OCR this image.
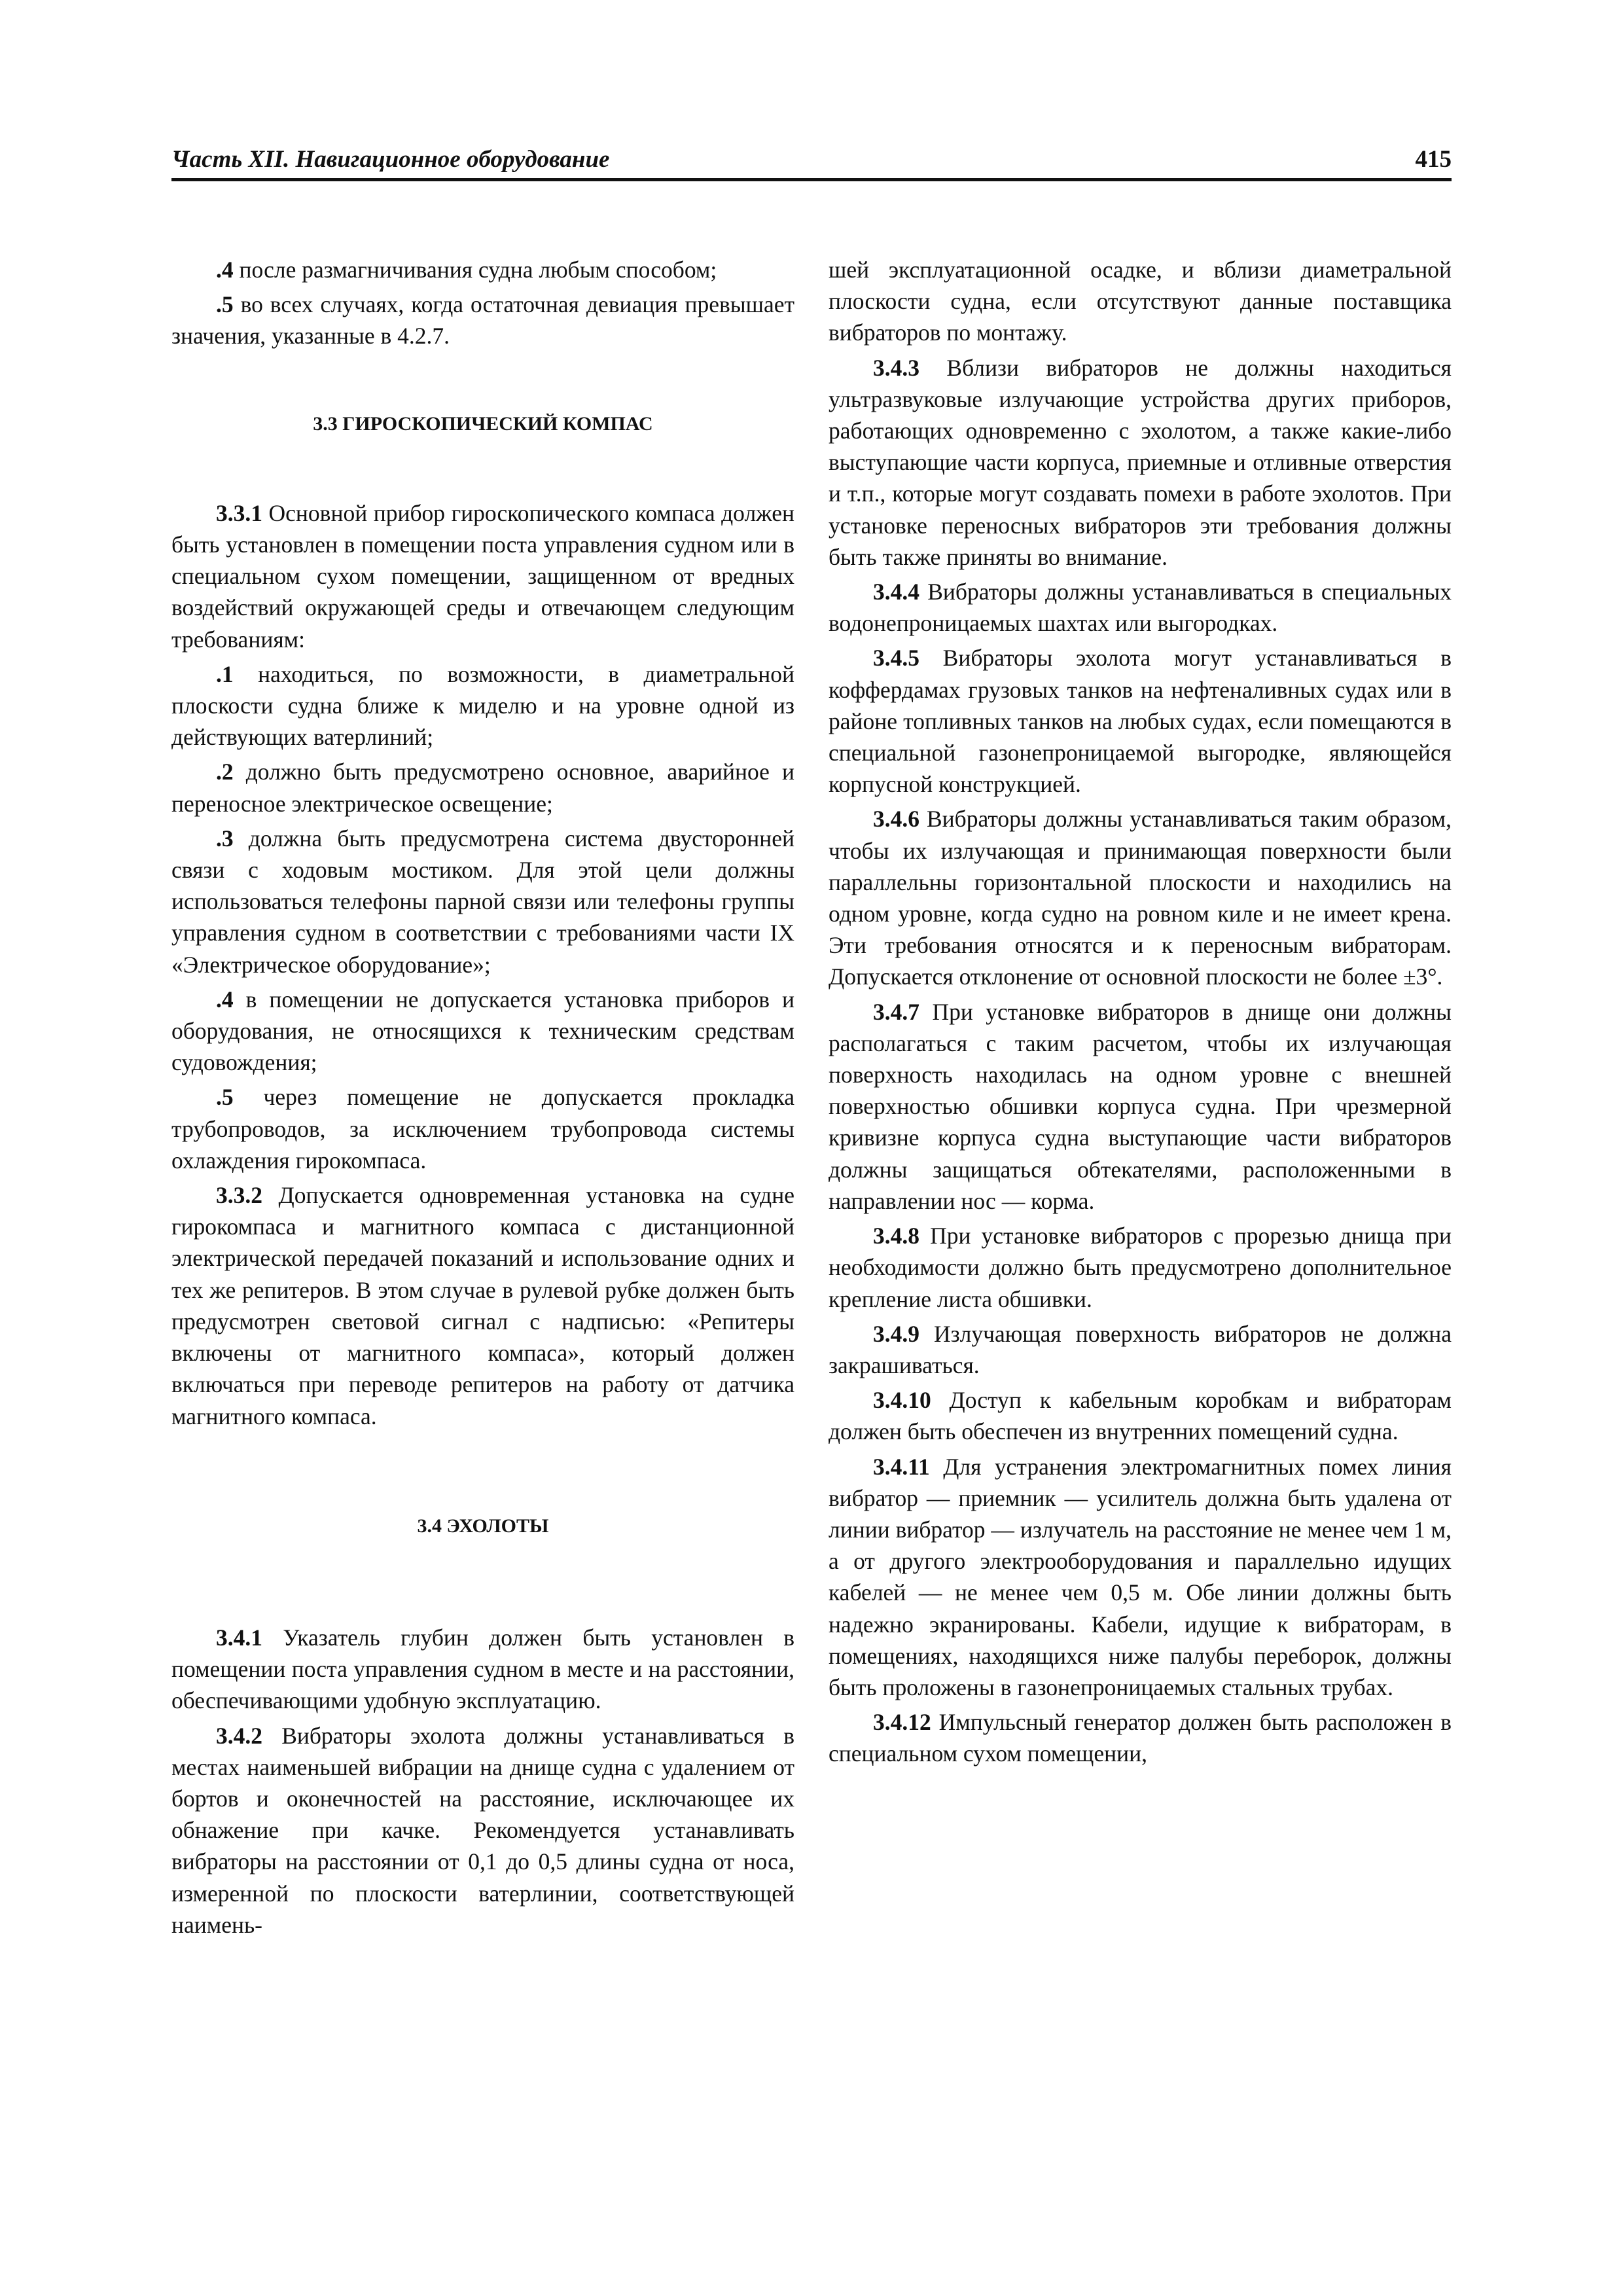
Часть XII. Навигационное оборудование	415

.4 после размагничивания судна любым способом;

.5 во всех случаях, когда остаточная девиация превышает значения, указанные в 4.2.7.

3.3 ГИРОСКОПИЧЕСКИЙ КОМПАС

3.3.1 Основной прибор гироскопического компаса должен быть установлен в помещении поста управления судном или в специальном сухом помещении, защищенном от вредных воздействий окружающей среды и отвечающем следующим требованиям:

.1 находиться, по возможности, в диаметральной плоскости судна ближе к миделю и на уровне одной из действующих ватерлиний;

.2 должно быть предусмотрено основное, аварийное и переносное электрическое освещение;

.3 должна быть предусмотрена система двусторонней связи с ходовым мостиком. Для этой цели должны использоваться телефоны парной связи или телефоны группы управления судном в соответствии с требованиями части IX «Электрическое оборудование»;

.4 в помещении не допускается установка приборов и оборудования, не относящихся к техническим средствам судовождения;

.5 через помещение не допускается прокладка трубопроводов, за исключением трубопровода системы охлаждения гирокомпаса.

3.3.2 Допускается одновременная установка на судне гирокомпаса и магнитного компаса с дистанционной электрической передачей показаний и использование одних и тех же репитеров. В этом случае в рулевой рубке должен быть предусмотрен световой сигнал с надписью: «Репитеры включены от магнитного компаса», который должен включаться при переводе репитеров на работу от датчика магнитного компаса.

3.4 ЭХОЛОТЫ

3.4.1 Указатель глубин должен быть установлен в помещении поста управления судном в месте и на расстоянии, обеспечивающими удобную эксплуатацию.

3.4.2 Вибраторы эхолота должны устанавливаться в местах наименьшей вибрации на днище судна с удалением от бортов и оконечностей на расстояние, исключающее их обнажение при качке. Рекомендуется устанавливать вибраторы на расстоянии от 0,1 до 0,5 длины судна от носа, измеренной по плоскости ватерлинии, соответствующей наимень-

шей эксплуатационной осадке, и вблизи диаметральной плоскости судна, если отсутствуют данные поставщика вибраторов по монтажу.

3.4.3 Вблизи вибраторов не должны находиться ультразвуковые излучающие устройства других приборов, работающих одновременно с эхолотом, а также какие-либо выступающие части корпуса, приемные и отливные отверстия и т.п., которые могут создавать помехи в работе эхолотов. При установке переносных вибраторов эти требования должны быть также приняты во внимание.

3.4.4 Вибраторы должны устанавливаться в специальных водонепроницаемых шахтах или выгородках.

3.4.5 Вибраторы эхолота могут устанавливаться в коффердамах грузовых танков на нефтеналивных судах или в районе топливных танков на любых судах, если помещаются в специальной газонепроницаемой выгородке, являющейся корпусной конструкцией.

3.4.6 Вибраторы должны устанавливаться таким образом, чтобы их излучающая и принимающая поверхности были параллельны горизонтальной плоскости и находились на одном уровне, когда судно на ровном киле и не имеет крена. Эти требования относятся и к переносным вибраторам. Допускается отклонение от основной плоскости не более ±3°.

3.4.7 При установке вибраторов в днище они должны располагаться с таким расчетом, чтобы их излучающая поверхность находилась на одном уровне с внешней поверхностью обшивки корпуса судна. При чрезмерной кривизне корпуса судна выступающие части вибраторов должны защищаться обтекателями, расположенными в направлении нос — корма.

3.4.8 При установке вибраторов с прорезью днища при необходимости должно быть предусмотрено дополнительное крепление листа обшивки.

3.4.9 Излучающая поверхность вибраторов не должна закрашиваться.

3.4.10 Доступ к кабельным коробкам и вибраторам должен быть обеспечен из внутренних помещений судна.

3.4.11 Для устранения электромагнитных помех линия вибратор — приемник — усилитель должна быть удалена от линии вибратор — излучатель на расстояние не менее чем 1 м, а от другого электрооборудования и параллельно идущих кабелей — не менее чем 0,5 м. Обе линии должны быть надежно экранированы. Кабели, идущие к вибраторам, в помещениях, находящихся ниже палубы переборок, должны быть проложены в газонепроницаемых стальных трубах.

3.4.12 Импульсный генератор должен быть расположен в специальном сухом помещении,
